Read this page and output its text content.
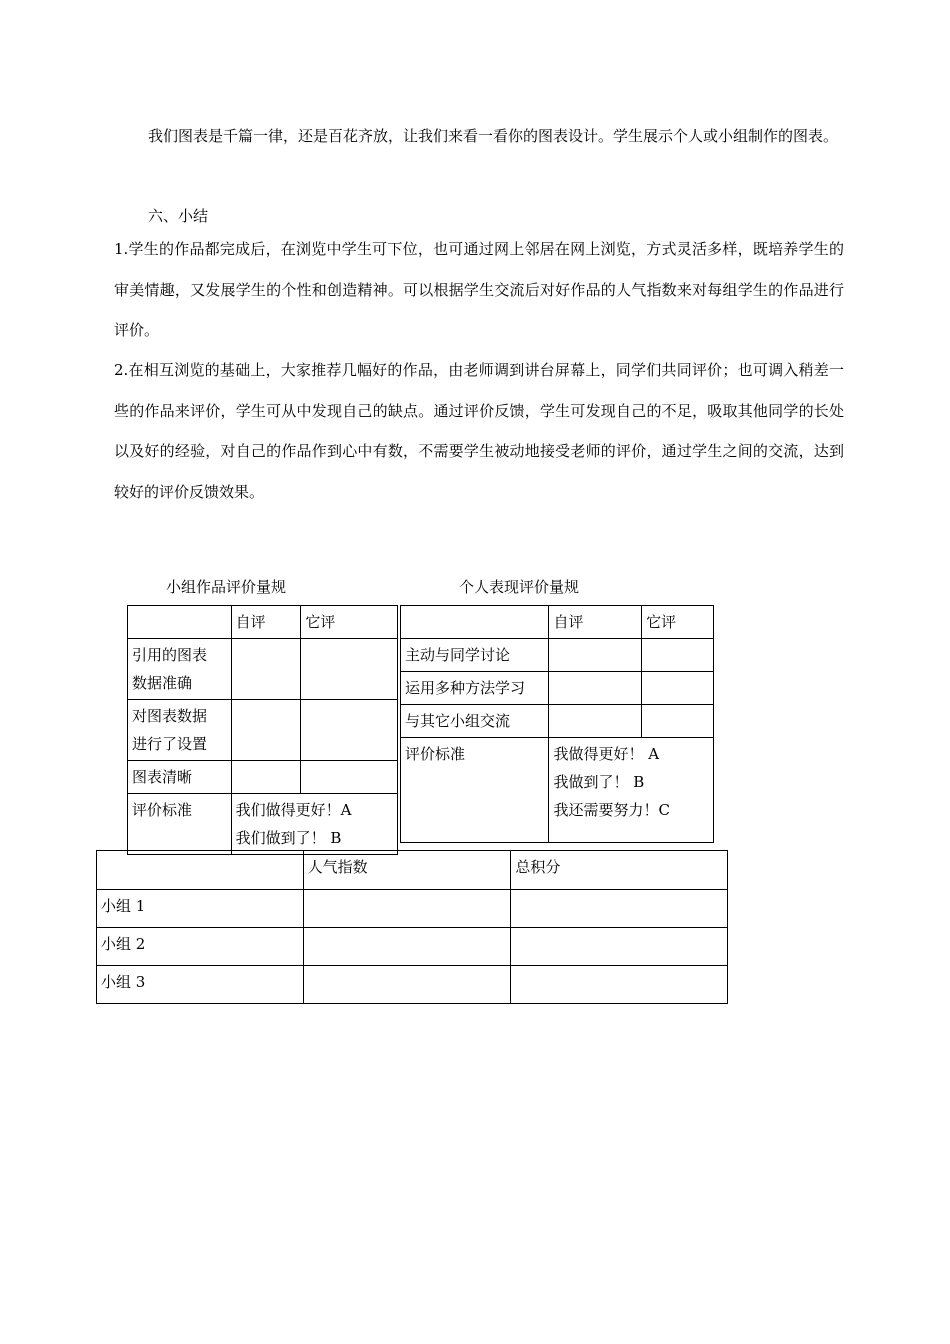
我们图表是千篇一律，还是百花齐放，让我们来看一看你的图表设计。学生展示个人或小组制作的图表。

六、小结

1.学生的作品都完成后，在浏览中学生可下位，也可通过网上邻居在网上浏览，方式灵活多样，既培养学生的审美情趣，又发展学生的个性和创造精神。可以根据学生交流后对好作品的人气指数来对每组学生的作品进行评价。

2.在相互浏览的基础上，大家推荐几幅好的作品，由老师调到讲台屏幕上，同学们共同评价；也可调入稍差一些的作品来评价，学生可从中发现自己的缺点。通过评价反馈，学生可发现自己的不足，吸取其他同学的长处以及好的经验，对自己的作品作到心中有数，不需要学生被动地接受老师的评价，通过学生之间的交流，达到较好的评价反馈效果。

小组作品评价量规	个人表现评价量规
	自评	它评

引用的图表
数据准确		

对图表数据
进行了设置		

图表清晰		
评价标准	我们做得更好！A
我们做到了！ B	
	自评	它评
主动与同学讨论		
运用多种方法学习		
与其它小组交流		
评价标准	我做得更好！ A
我做到了！ B
我还需要努力！C	
	人气指数	总积分
小组 1		
小组 2		
小组 3		
